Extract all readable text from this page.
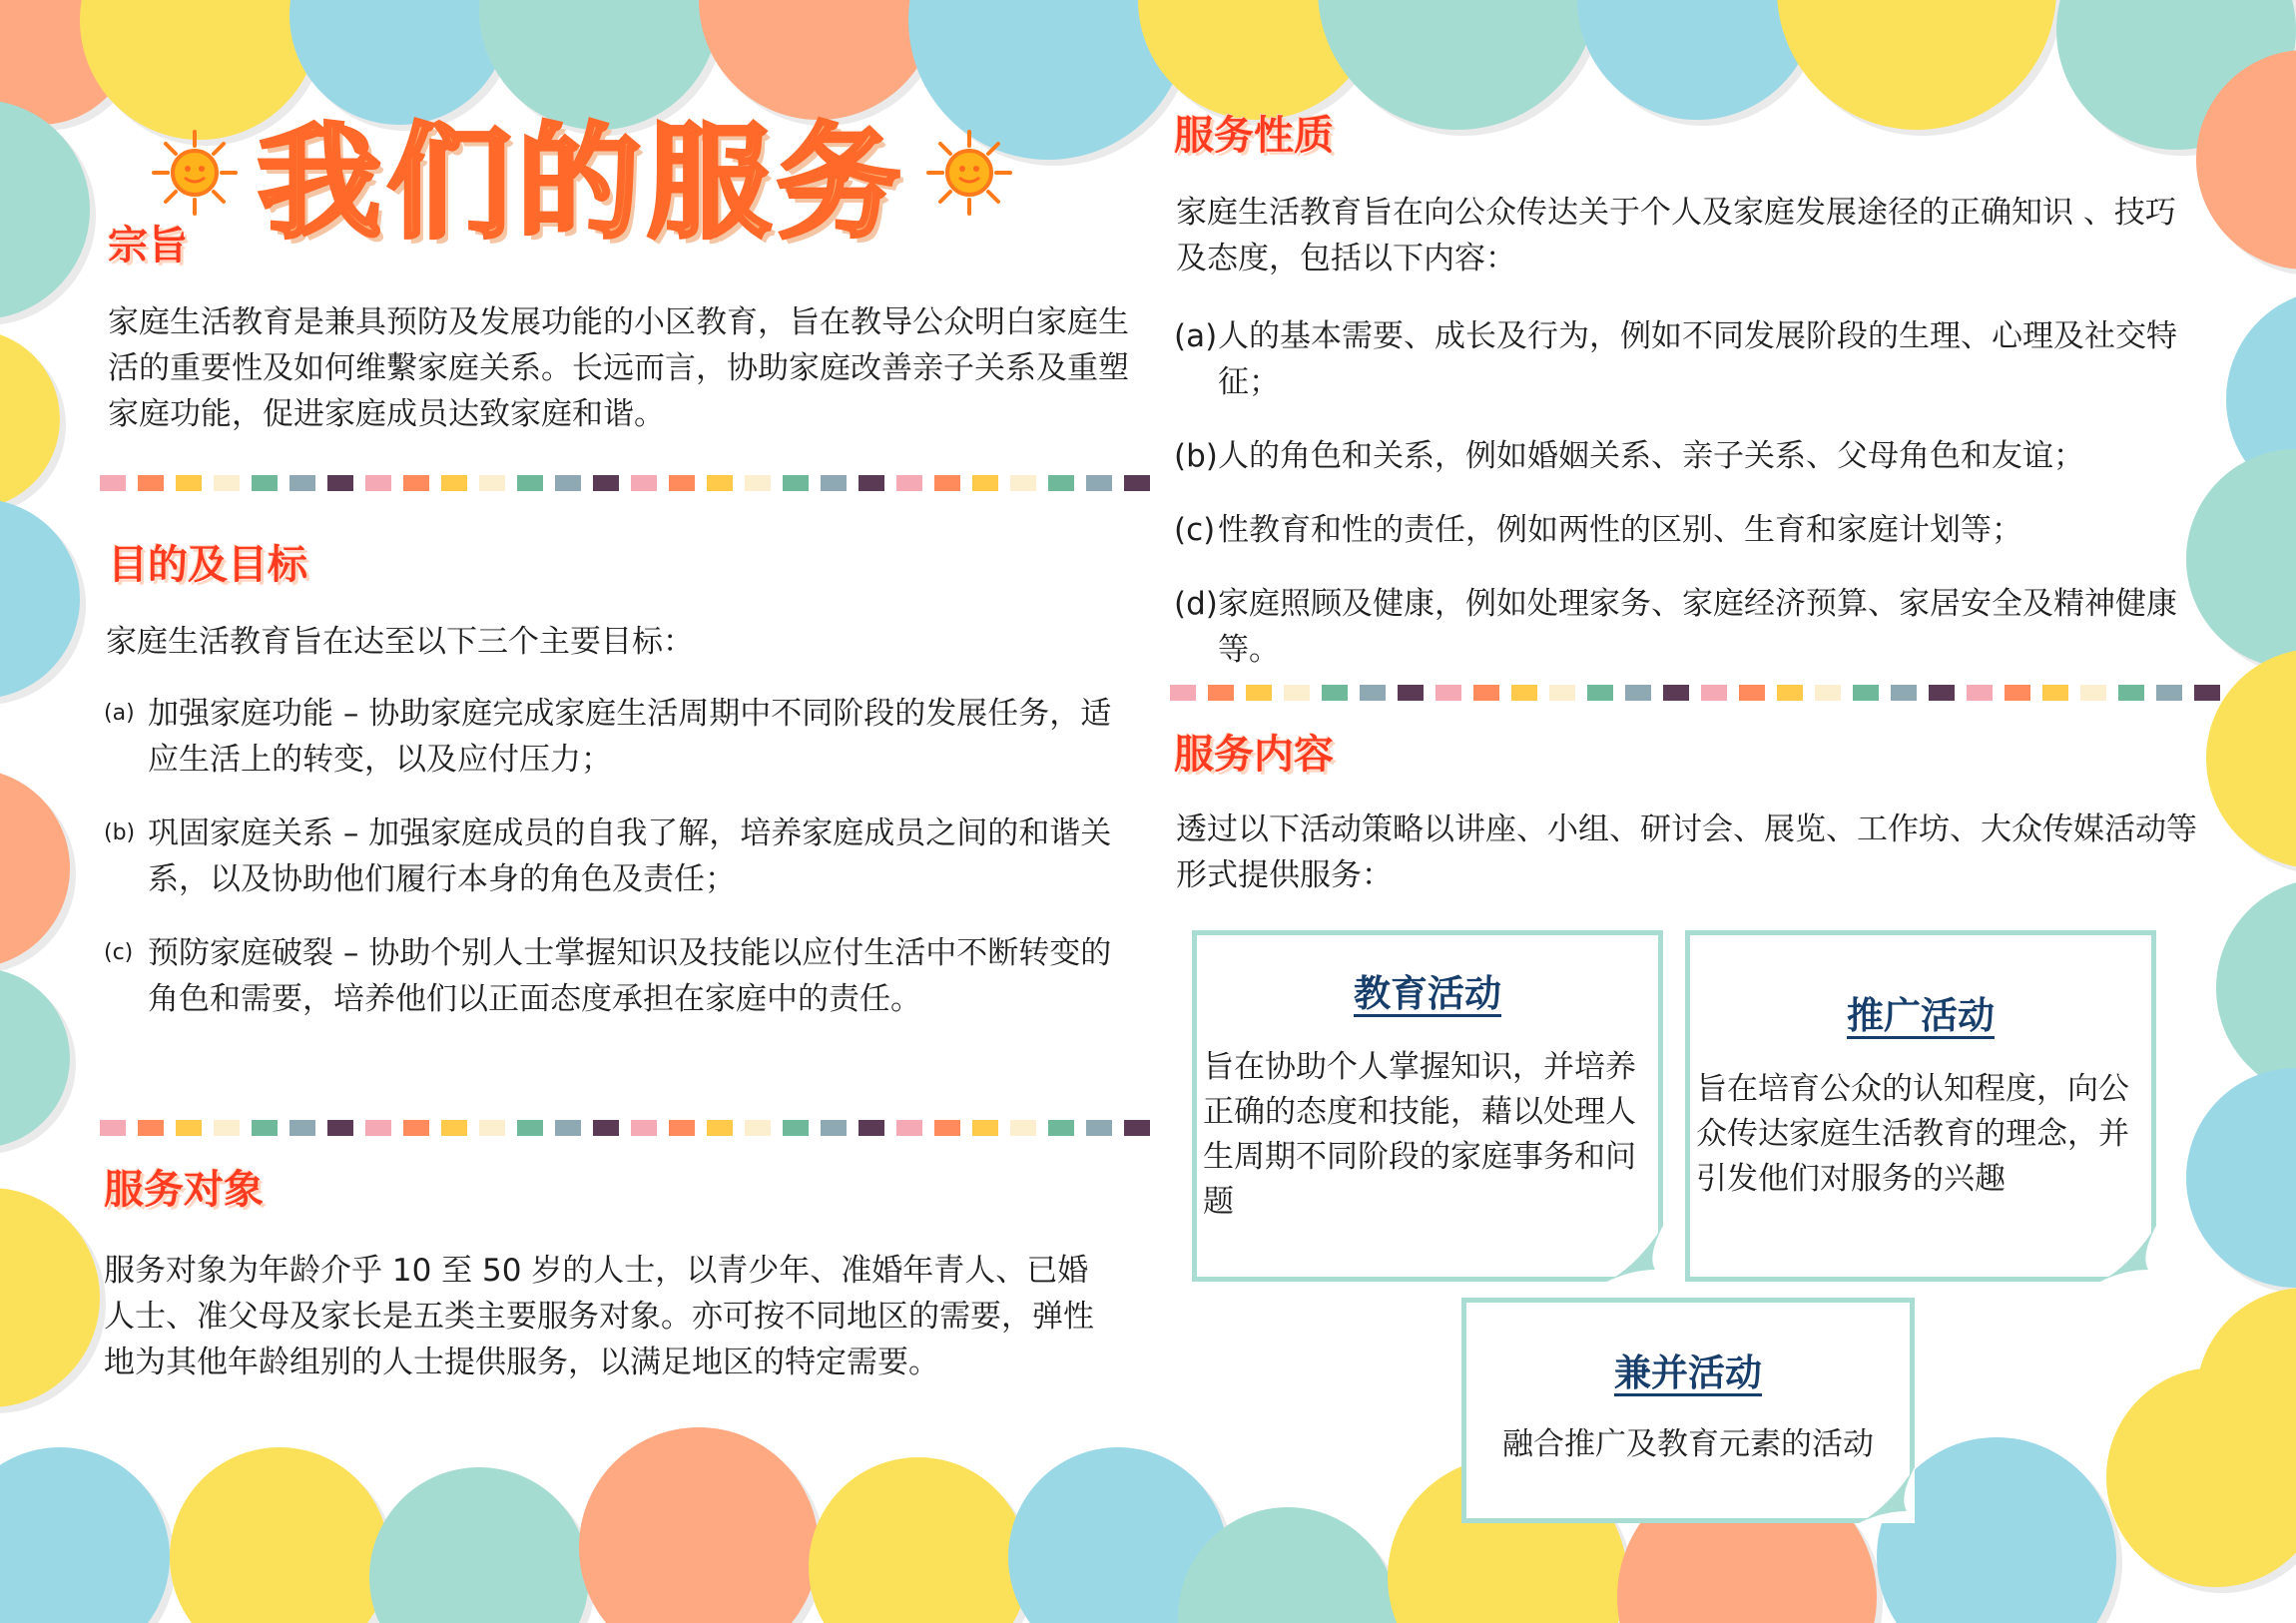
我们的服务
宗旨

家庭生活教育是兼具预防及发展功能的小区教育，旨在教导公众明白家庭生活的重要性及如何维繫家庭关系。长远而言，协助家庭改善亲子关系及重塑家庭功能，促进家庭成员达致家庭和谐。

目的及目标

家庭生活教育旨在达至以下三个主要目标：

(a) 加强家庭功能 – 协助家庭完成家庭生活周期中不同阶段的发展任务，适应生活上的转变，以及应付压力；
(b) 巩固家庭关系 – 加强家庭成员的自我了解，培养家庭成员之间的和谐关系，以及协助他们履行本身的角色及责任；
(c) 预防家庭破裂 – 协助个别人士掌握知识及技能以应付生活中不断转变的角色和需要，培养他们以正面态度承担在家庭中的责任。
服务对象

服务对象为年龄介乎 10 至 50 岁的人士，以青少年、准婚年青人、已婚人士、准父母及家长是五类主要服务对象。亦可按不同地区的需要，弹性地为其他年龄组别的人士提供服务，以满足地区的特定需要。

服务性质

家庭生活教育旨在向公众传达关于个人及家庭发展途径的正确知识 、技巧及态度，包括以下内容：

(a) 人的基本需要、成长及行为，例如不同发展阶段的生理、心理及社交特征；
(b) 人的角色和关系，例如婚姻关系、亲子关系、父母角色和友谊；
(c) 性教育和性的责任，例如两性的区别、生育和家庭计划等；
(d) 家庭照顾及健康，例如处理家务、家庭经济预算、家居安全及精神健康等。
服务内容

透过以下活动策略以讲座、小组、研讨会、展览、工作坊、大众传媒活动等形式提供服务：

教育活动

旨在协助个人掌握知识，并培养正确的态度和技能，藉以处理人生周期不同阶段的家庭事务和问题

推广活动

旨在培育公众的认知程度，向公众传达家庭生活教育的理念，并引发他们对服务的兴趣

兼并活动

融合推广及教育元素的活动
